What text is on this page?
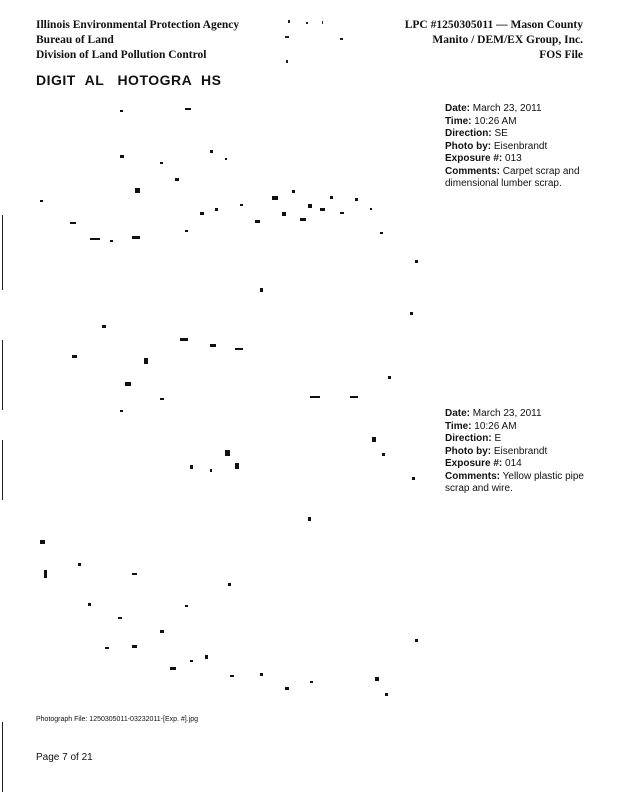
Illinois Environmental Protection Agency
Bureau of Land
Division of Land Pollution Control
LPC #1250305011 — Mason County
Manito / DEM/EX Group, Inc.
FOS File
DIGIT  AL   HOTOGRA  HS
Date: March 23, 2011
Time: 10:26 AM
Direction: SE
Photo by: Eisenbrandt
Exposure #: 013
Comments: Carpet scrap and dimensional lumber scrap.
Date: March 23, 2011
Time: 10:26 AM
Direction: E
Photo by: Eisenbrandt
Exposure #: 014
Comments: Yellow plastic pipe scrap and wire.
Photograph File: 1250305011-03232011-[Exp. #].jpg
Page 7 of 21
